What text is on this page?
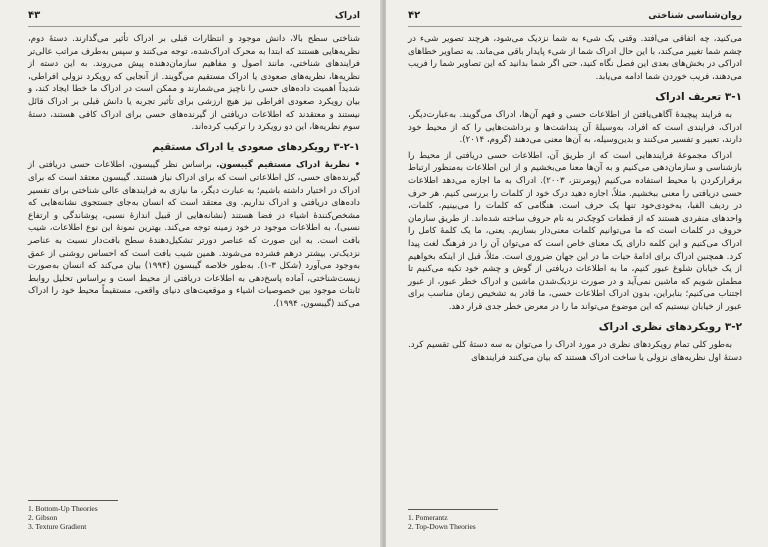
ادراک
۴۳

شناختی سطح بالا، دانش موجود و انتظارات قبلی بر ادراک تأثیر می‌گذارند. دستهٔ دوم، نظریه‌هایی هستند که ابتدا به محرک ادراک‌شده، توجه می‌کنند و سپس به‌طرف مراتب عالی‌تر فرایندهای شناختی، مانند اصول و مفاهیم سازمان‌دهنده پیش می‌روند. به این دسته از نظریه‌ها، نظریه‌های صعودی یا ادراک مستقیم می‌گویند. از آنجایی که رویکرد نزولی افراطی، شدیداً اهمیت داده‌های حسی را ناچیز می‌شمارند و ممکن است در ادراک ما خطا ایجاد کند، و بیان رویکرد صعودی افراطی نیز هیچ ارزشی برای تأثیر تجربه یا دانش قبلی بر ادراک قائل نیستند و معتقدند که اطلاعات دریافتی از گیرنده‌های حسی برای ادراک کافی هستند، دستهٔ سوم نظریه‌ها، این دو رویکرد را ترکیب کرده‌اند.

۳-۲-۱ رویکردهای صعودی یا ادراک مستقیم

• نظریهٔ ادراک مستقیم گیبسون. براساس نظر گیبسون، اطلاعات حسی دریافتی از گیرنده‌های حسی، کل اطلاعاتی است که برای ادراک نیاز هستند. گیبسون معتقد است که برای ادراک در اختیار داشته باشیم؛ به عبارت دیگر، ما نیازی به فرایندهای عالی شناختی برای تفسیر داده‌های دریافتی و ادراک نداریم. وی معتقد است که انسان به‌جای جستجوی نشانه‌هایی که مشخص‌کنندهٔ اشیاء در فضا هستند (نشانه‌هایی از قبیل اندازهٔ نسبی، پوشاندگی و ارتفاع نسبی)، به اطلاعات موجود در خود زمینه توجه می‌کند. بهترین نمونهٔ این نوع اطلاعات، شیب بافت است. به این صورت که عناصر دورتر تشکیل‌دهندهٔ سطح بافت‌دار نسبت به عناصر نزدیک‌تر، بیشتر درهم فشرده می‌شوند. همین شیب بافت است که احساس روشنی از عمق به‌وجود می‌آورد (شکل ۳-۱). به‌طور خلاصه گیبسون (۱۹۹۴) بیان می‌کند که انسان به‌صورت زیست‌شناختی، آماده پاسخ‌دهی به اطلاعات دریافتی از محیط است و براساس تحلیل روابط ثابتات موجود بین خصوصیات اشیاء و موقعیت‌های دنیای واقعی، مستقیماً محیط خود را ادراک می‌کند (گیبسون، ۱۹۹۴).

1. Bottom-Up Theories
2. Gibson
3. Texture Gradient
روان‌شناسی شناختی
۴۲

می‌کنید، چه اتفاقی می‌افتد. وقتی یک شیء به شما نزدیک می‌شود، هرچند تصویر شیء در چشم شما تغییر می‌کند، با این حال ادراک شما از شیء پایدار باقی می‌ماند. به تصاویر خطاهای ادراکی در بخش‌های بعدی این فصل نگاه کنید، حتی اگر شما بدانید که این تصاویر شما را فریب می‌دهند، فریب خوردن شما ادامه می‌یابد.

۳-۱ تعریف ادراک

به فرایند پیچیدهٔ آگاهی‌یافتن از اطلاعات حسی و فهم آن‌ها، ادراک می‌گویند. به‌عبارت‌دیگر، ادراک، فرایندی است که افراد، به‌وسیلهٔ آن پنداشت‌ها و برداشت‌هایی را که از محیط خود دارند، تعبیر و تفسیر می‌کنند و بدین‌وسیله، به آن‌ها معنی می‌دهند (گروم، ۲۰۱۴).

ادراک مجموعهٔ فرایندهایی است که از طریق آن، اطلاعات حسی دریافتی از محیط را بازشناسی و سازمان‌دهی می‌کنیم و به آن‌ها معنا می‌بخشیم و از این اطلاعات به‌منظور ارتباط برقرارکردن با محیط استفاده می‌کنیم (پومرنتز، ۲۰۰۳). ادراک به ما اجازه می‌دهد اطلاعات حسی دریافتی را معنی ببخشیم. مثلاً، اجازه دهید درک خود از کلمات را بررسی کنیم. هر حرف در ردیف الفبا، به‌خودی‌خود تنها یک حرف است. هنگامی که کلمات را می‌بینیم، کلمات، واحدهای منفردی هستند که از قطعات کوچک‌تر به نام حروف ساخته شده‌اند. از طریق سازمان حروف در کلمات است که ما می‌توانیم کلمات معنی‌دار بسازیم. یعنی، ما یک کلمهٔ کامل را ادراک می‌کنیم و این کلمه دارای یک معنای خاص است که می‌توان آن را در فرهنگ لغت پیدا کرد. همچنین ادراک برای ادامهٔ حیات ما در این جهان ضروری است. مثلاً، قبل از اینکه بخواهیم از یک خیابان شلوغ عبور کنیم، ما به اطلاعات دریافتی از گوش و چشم خود تکیه می‌کنیم تا مطمئن شویم که ماشین نمی‌آید و در صورت نزدیک‌شدن ماشین و ادراک خطر عبور، از عبور اجتناب می‌کنیم؛ بنابراین، بدون ادراک اطلاعات حسی، ما قادر به تشخیص زمان مناسب برای عبور از خیابان نیستیم که این موضوع می‌تواند ما را در معرض خطر جدی قرار دهد.

۳-۲ رویکردهای نظری ادراک

به‌طور کلی تمام رویکردهای نظری در مورد ادراک را می‌توان به سه دستهٔ کلی تقسیم کرد. دستهٔ اول نظریه‌های نزولی یا ساخت ادراک هستند که بیان می‌کنند فرایندهای

1. Pomerantz
2. Top-Down Theories
